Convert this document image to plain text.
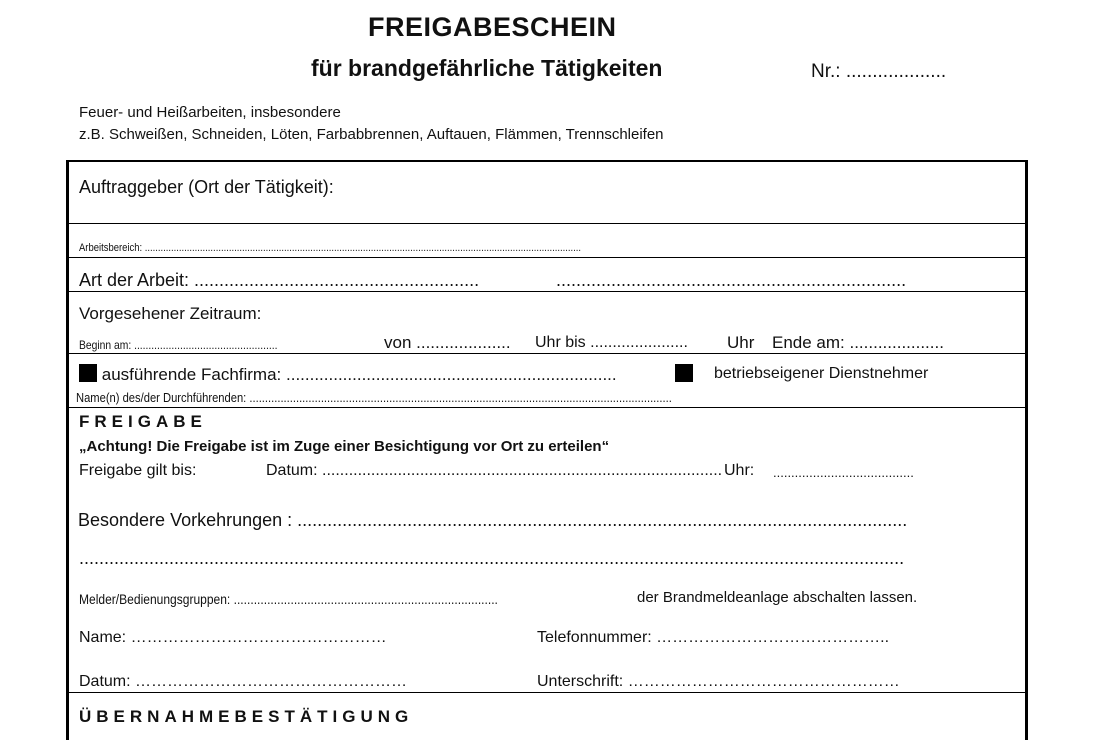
FREIGABESCHEIN
für brandgefährliche Tätigkeiten	Nr.: ...................
Feuer- und Heißarbeiten, insbesondere
z.B. Schweißen, Schneiden, Löten, Farbabbrennen, Auftauen, Flämmen, Trennschleifen
Auftraggeber (Ort der Tätigkeit):
Arbeitsbereich: ......................................................................................................................................................................
Art der Arbeit: .........................................................	......................................................................
Vorgesehener Zeitraum:
Beginn am: ..................................................	von .................... Uhr bis ...................... Uhr Ende am: ....................
ausführende Fachfirma: ......................................................................	betriebseigener Dienstnehmer
Name(n) des/der Durchführenden: ........................................................................................................................................
FREIGABE
„Achtung! Die Freigabe ist im Zuge einer Besichtigung vor Ort zu erteilen“
Freigabe gilt bis:	Datum: .......................................................................................... Uhr: .......................................
Besondere Vorkehrungen : ..........................................................................................................................
.....................................................................................................................................................................
Melder/Bedienungsgruppen: ...............................................................................	der Brandmeldeanlage abschalten lassen.
Name: …………………………………………	Telefonnummer: ……………………………………..
Datum: ……………………………………………	Unterschrift: ……………………………………………
ÜBERNAHMEBESTÄTIGUNG
